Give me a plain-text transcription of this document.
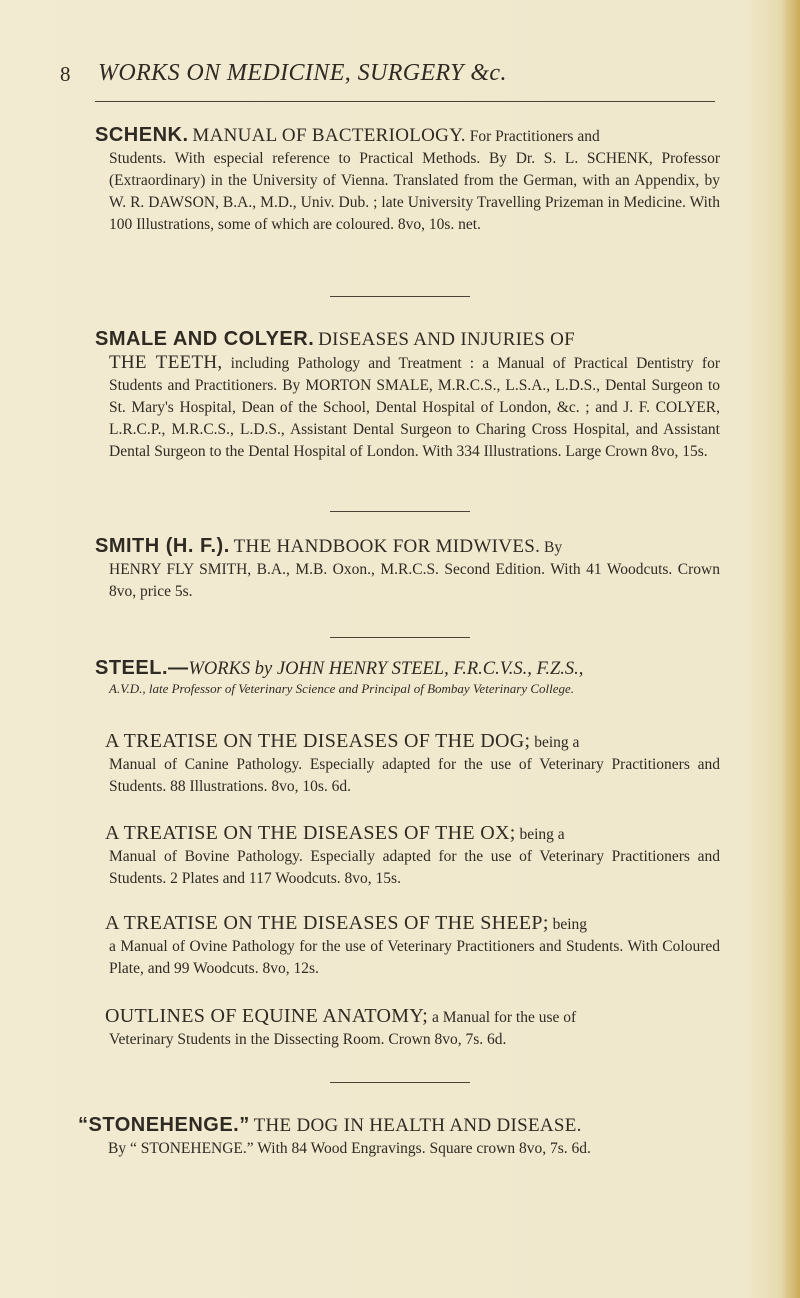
8 WORKS ON MEDICINE, SURGERY &c.
SCHENK. MANUAL OF BACTERIOLOGY. For Practitioners and
Students. With especial reference to Practical Methods. By Dr. S. L. SCHENK, Professor (Extraordinary) in the University of Vienna. Translated from the German, with an Appendix, by W. R. DAWSON, B.A., M.D., Univ. Dub. ; late University Travelling Prizeman in Medicine. With 100 Illustrations, some of which are coloured. 8vo, 10s. net.
SMALE AND COLYER. DISEASES AND INJURIES OF
THE TEETH, including Pathology and Treatment : a Manual of Practical Dentistry for Students and Practitioners. By MORTON SMALE, M.R.C.S., L.S.A., L.D.S., Dental Surgeon to St. Mary's Hospital, Dean of the School, Dental Hospital of London, &c. ; and J. F. COLYER, L.R.C.P., M.R.C.S., L.D.S., Assistant Dental Surgeon to Charing Cross Hospital, and Assistant Dental Surgeon to the Dental Hospital of London. With 334 Illustrations. Large Crown 8vo, 15s.
SMITH (H. F.). THE HANDBOOK FOR MIDWIVES. By
HENRY FLY SMITH, B.A., M.B. Oxon., M.R.C.S. Second Edition. With 41 Woodcuts. Crown 8vo, price 5s.
STEEL.—WORKS by JOHN HENRY STEEL, F.R.C.V.S., F.Z.S.,
A.V.D., late Professor of Veterinary Science and Principal of Bombay Veterinary College.
A TREATISE ON THE DISEASES OF THE DOG; being a
Manual of Canine Pathology. Especially adapted for the use of Veterinary Practitioners and Students. 88 Illustrations. 8vo, 10s. 6d.
A TREATISE ON THE DISEASES OF THE OX; being a
Manual of Bovine Pathology. Especially adapted for the use of Veterinary Practitioners and Students. 2 Plates and 117 Woodcuts. 8vo, 15s.
A TREATISE ON THE DISEASES OF THE SHEEP; being
a Manual of Ovine Pathology for the use of Veterinary Practitioners and Students. With Coloured Plate, and 99 Woodcuts. 8vo, 12s.
OUTLINES OF EQUINE ANATOMY; a Manual for the use of
Veterinary Students in the Dissecting Room. Crown 8vo, 7s. 6d.
“STONEHENGE.” THE DOG IN HEALTH AND DISEASE.
By “ STONEHENGE.” With 84 Wood Engravings. Square crown 8vo, 7s. 6d.
